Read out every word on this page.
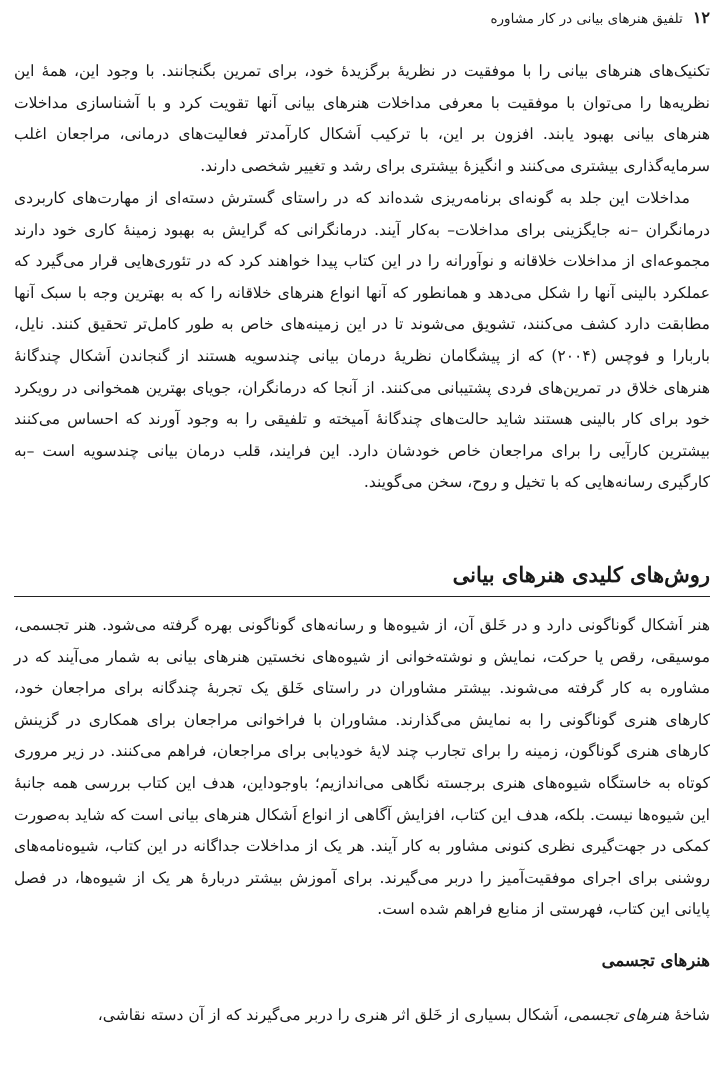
۱۲
تلفیق هنرهای بیانی در کار مشاوره

تکنیک‌های هنرهای بیانی را با موفقیت در نظریهٔ برگزیدهٔ خود، برای تمرین بگنجانند. با وجود این، همهٔ این نظریه‌ها را می‌توان با موفقیت با معرفی مداخلات هنرهای بیانی آنها تقویت کرد و با آشناسازی مداخلات هنرهای بیانی بهبود یابند. افزون بر این، با ترکیب اَشکال کارآمدتر فعالیت‌های درمانی، مراجعان اغلب سرمایه‌گذاری بیشتری می‌کنند و انگیزهٔ بیشتری برای رشد و تغییر شخصی دارند.

مداخلات این جلد به گونه‌ای برنامه‌ریزی شده‌اند که در راستای گسترش دسته‌ای از مهارت‌های کاربردی درمانگران –نه جایگزینی برای مداخلات– به‌کار آیند. درمانگرانی که گرایش به بهبود زمینهٔ کاری خود دارند مجموعه‌ای از مداخلات خلاقانه و نوآورانه را در این کتاب پیدا خواهند کرد که در تئوری‌هایی قرار می‌گیرد که عملکرد بالینی آنها را شکل می‌دهد و همانطور که آنها انواع هنرهای خلاقانه را که به بهترین وجه با سبک آنها مطابقت دارد کشف می‌کنند، تشویق می‌شوند تا در این زمینه‌های خاص به طور کامل‌تر تحقیق کنند. نایل، باربارا و فوچس (۲۰۰۴) که از پیشگامان نظریهٔ درمان بیانی چندسویه هستند از گنجاندن اَشکال چندگانهٔ هنرهای خلاق در تمرین‌های فردی پشتیبانی می‌کنند. از آنجا که درمانگران، جویای بهترین همخوانی در رویکرد خود برای کار بالینی هستند شاید حالت‌های چندگانهٔ آمیخته و تلفیقی را به وجود آورند که احساس می‌کنند بیشترین کارآیی را برای مراجعان خاص خودشان دارد. این فرایند، قلب درمان بیانی چندسویه است –به کارگیری رسانه‌هایی که با تخیل و روح، سخن می‌گویند.

روش‌های کلیدی هنرهای بیانی

هنر اَشکال گوناگونی دارد و در خَلق آن، از شیوه‌ها و رسانه‌های گوناگونی بهره گرفته می‌شود. هنر تجسمی، موسیقی، رقص یا حرکت، نمایش و نوشته‌خوانی از شیوه‌های نخستین هنرهای بیانی به شمار می‌آیند که در مشاوره به کار گرفته می‌شوند. بیشتر مشاوران در راستای خَلق یک تجربهٔ چندگانه برای مراجعان خود، کارهای هنری گوناگونی را به نمایش می‌گذارند. مشاوران با فراخوانی مراجعان برای همکاری در گزینش کارهای هنری گوناگون، زمینه را برای تجارب چند لایهٔ خودیابی برای مراجعان، فراهم می‌کنند. در زیر مروری کوتاه به خاستگاه شیوه‌های هنری برجسته نگاهی می‌اندازیم؛ باوجوداین، هدف این کتاب بررسی همه جانبهٔ این شیوه‌ها نیست. بلکه، هدف این کتاب، افزایش آگاهی از انواع اَشکال هنرهای بیانی است که شاید به‌صورت کمکی در جهت‌گیری نظری کنونی مشاور به کار آیند. هر یک از مداخلات جداگانه در این کتاب، شیوه‌نامه‌های روشنی برای اجرای موفقیت‌آمیز را دربر می‌گیرند. برای آموزش بیشتر دربارهٔ هر یک از شیوه‌ها، در فصل پایانی این کتاب، فهرستی از منابع فراهم شده است.

هنرهای تجسمی

شاخهٔ هنرهای تجسمی، اَشکال بسیاری از خَلق اثر هنری را دربر می‌گیرند که از آن دسته نقاشی،
